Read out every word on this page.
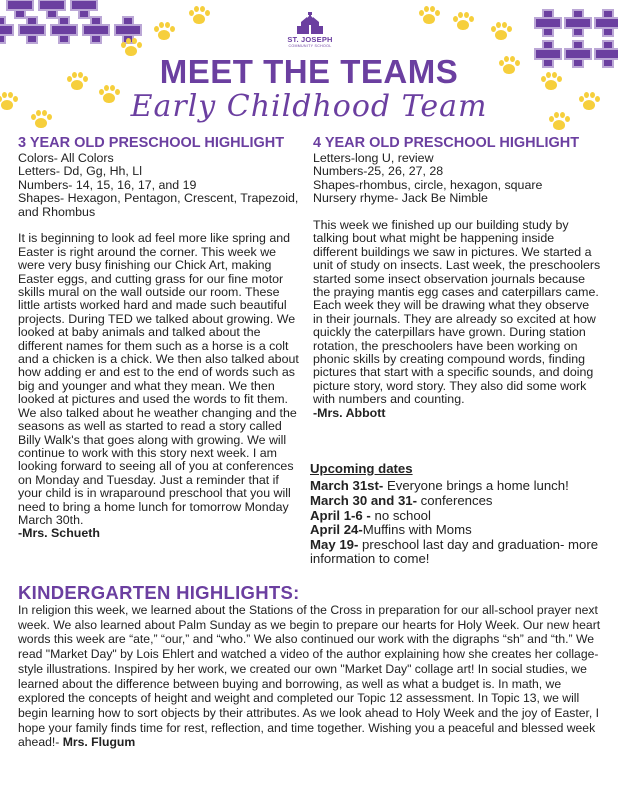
ST. JOSEPH
COMMUNITY SCHOOL
MEET THE TEAMS
Early Childhood Team
3 YEAR OLD PRESCHOOL HIGHLIGHT

Colors- All Colors

Letters- Dd, Gg, Hh, Ll

Numbers- 14, 15, 16, 17, and 19

Shapes- Hexagon, Pentagon, Crescent, Trapezoid, and Rhombus

It is beginning to look ad feel more like spring and Easter is right around the corner. This week we were very busy finishing our Chick Art, making Easter eggs, and cutting grass for our fine motor skills mural on the wall outside our room. These little artists worked hard and made such beautiful projects. During TED we talked about growing. We looked at baby animals and talked about the different names for them such as a horse is a colt and a chicken is a chick. We then also talked about how adding er and est to the end of words such as big and younger and what they mean. We then looked at pictures and used the words to fit them. We also talked about he weather changing and the seasons as well as started to read a story called Billy Walk's that goes along with growing. We will continue to work with this story next week. I am looking forward to seeing all of you at conferences on Monday and Tuesday. Just a reminder that if your child is in wraparound preschool that you will need to bring a home lunch for tomorrow Monday March 30th.

-Mrs. Schueth

4 YEAR OLD PRESCHOOL HIGHLIGHT

Letters-long U, review

Numbers-25, 26, 27, 28

Shapes-rhombus, circle, hexagon, square

Nursery rhyme- Jack Be Nimble

This week we finished up our building study by talking bout what might be happening inside different buildings we saw in pictures. We started a unit of study on insects. Last week, the preschoolers started some insect observation journals because the praying mantis egg cases and caterpillars came. Each week they will be drawing what they observe in their journals. They are already so excited at how quickly the caterpillars have grown. During station rotation, the preschoolers have been working on phonic skills by creating compound words, finding pictures that start with a specific sounds, and doing picture story, word story. They also did some work with numbers and counting.

-Mrs. Abbott

Upcoming dates
March 31st- Everyone brings a home lunch!
March 30 and 31- conferences
April 1-6 - no school
April 24-Muffins with Moms
May 19- preschool last day and graduation- more information to come!
KINDERGARTEN HIGHLIGHTS:
In religion this week, we learned about the Stations of the Cross in preparation for our all-school prayer next week. We also learned about Palm Sunday as we begin to prepare our hearts for Holy Week. Our new heart words this week are “ate,” “our,” and “who.” We also continued our work with the digraphs “sh” and “th.” We read "Market Day" by Lois Ehlert and watched a video of the author explaining how she creates her collage-style illustrations. Inspired by her work, we created our own "Market Day" collage art! In social studies, we learned about the difference between buying and borrowing, as well as what a budget is. In math, we explored the concepts of height and weight and completed our Topic 12 assessment. In Topic 13, we will begin learning how to sort objects by their attributes. As we look ahead to Holy Week and the joy of Easter, I hope your family finds time for rest, reflection, and time together. Wishing you a peaceful and blessed week ahead!- Mrs. Flugum
